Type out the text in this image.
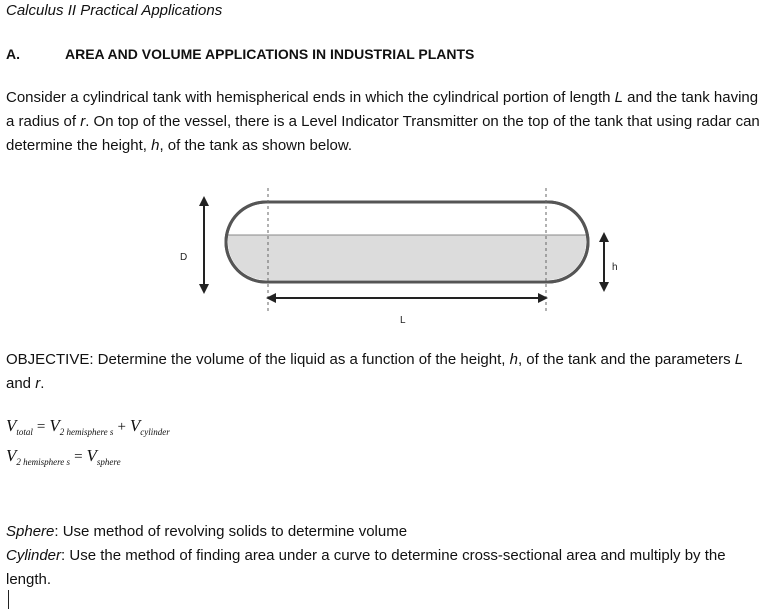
Calculus II Practical Applications
A.	AREA AND VOLUME APPLICATIONS IN INDUSTRIAL PLANTS
Consider a cylindrical tank with hemispherical ends in which the cylindrical portion of length L and the tank having a radius of r. On top of the vessel, there is a Level Indicator Transmitter on the top of the tank that using radar can determine the height, h, of the tank as shown below.
D
h
L
OBJECTIVE: Determine the volume of the liquid as a function of the height, h, of the tank and the parameters L and r.
$V_{total} = V_{2 hemisphere s} + V_{cylinder}$
$V_{2 hemisphere s} = V_{sphere}$
Sphere: Use method of revolving solids to determine volume
Cylinder: Use the method of finding area under a curve to determine cross-sectional area and multiply by the length.
